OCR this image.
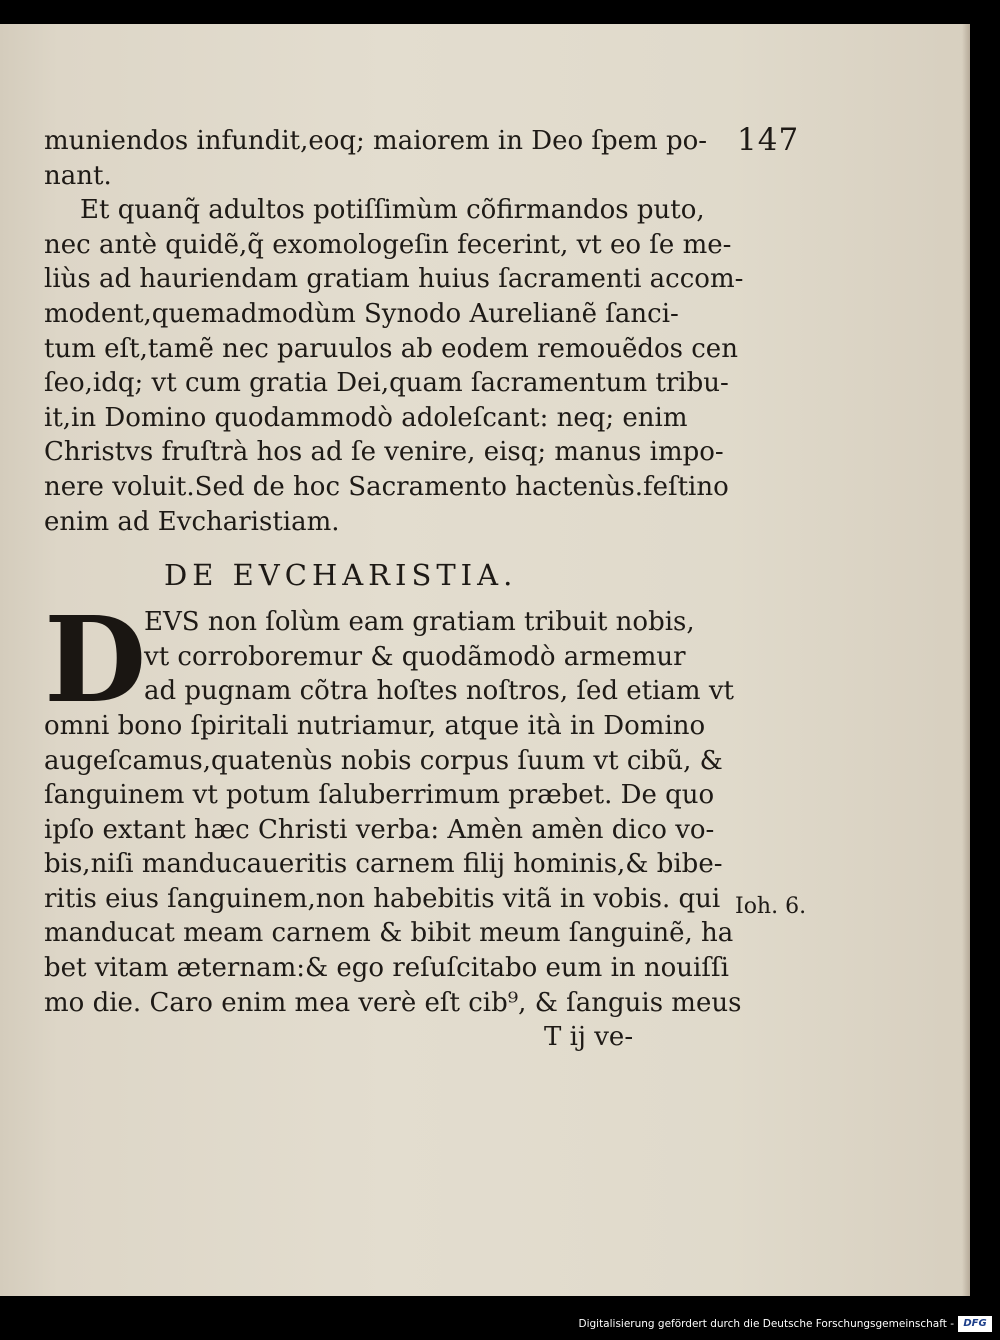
147
muniendos infundit,eoq; maiorem in Deo ſpem po-
nant.
Et quanq̃ adultos potiſſimùm cõfirmandos puto,
nec antè quidẽ,q̃ exomologeſin fecerint, vt eo ſe me-
liùs ad hauriendam gratiam huius ſacramenti accom-
modent,quemadmodùm Synodo Aurelianẽ ſanci-
tum eſt,tamẽ nec paruulos ab eodem remouẽdos cen
ſeo,idq; vt cum gratia Dei,quam ſacramentum tribu-
it,in Domino quodammodò adoleſcant: neq; enim
Christvs fruſtrà hos ad ſe venire, eisq; manus impo-
nere voluit.Sed de hoc Sacramento hactenùs.feſtino
enim ad Evcharistiam.
DE EVCHARISTIA.
D
EVS non ſolùm eam gratiam tribuit nobis,
vt corroboremur & quodãmodò armemur
ad pugnam cõtra hoſtes noſtros, ſed etiam vt
omni bono ſpiritali nutriamur, atque ità in Domino
augeſcamus,quatenùs nobis corpus ſuum vt cibũ, &
ſanguinem vt potum ſaluberrimum præbet. De quo
ipſo extant hæc Christi verba: Amèn amèn dico vo-
bis,niſi manducaueritis carnem filij hominis,& bibe-
ritis eius ſanguinem,non habebitis vitã in vobis. qui
manducat meam carnem & bibit meum ſanguinẽ, ha
bet vitam æternam:& ego reſuſcitabo eum in nouiſſi
mo die. Caro enim mea verè eſt cib⁹, & ſanguis meus
T ij ve-
Ioh. 6.
Digitalisierung gefördert durch die Deutsche Forschungsgemeinschaft - DFG
